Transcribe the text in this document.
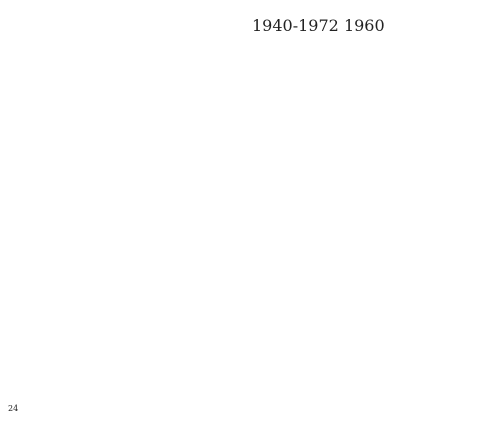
1940-1972 1960
24
